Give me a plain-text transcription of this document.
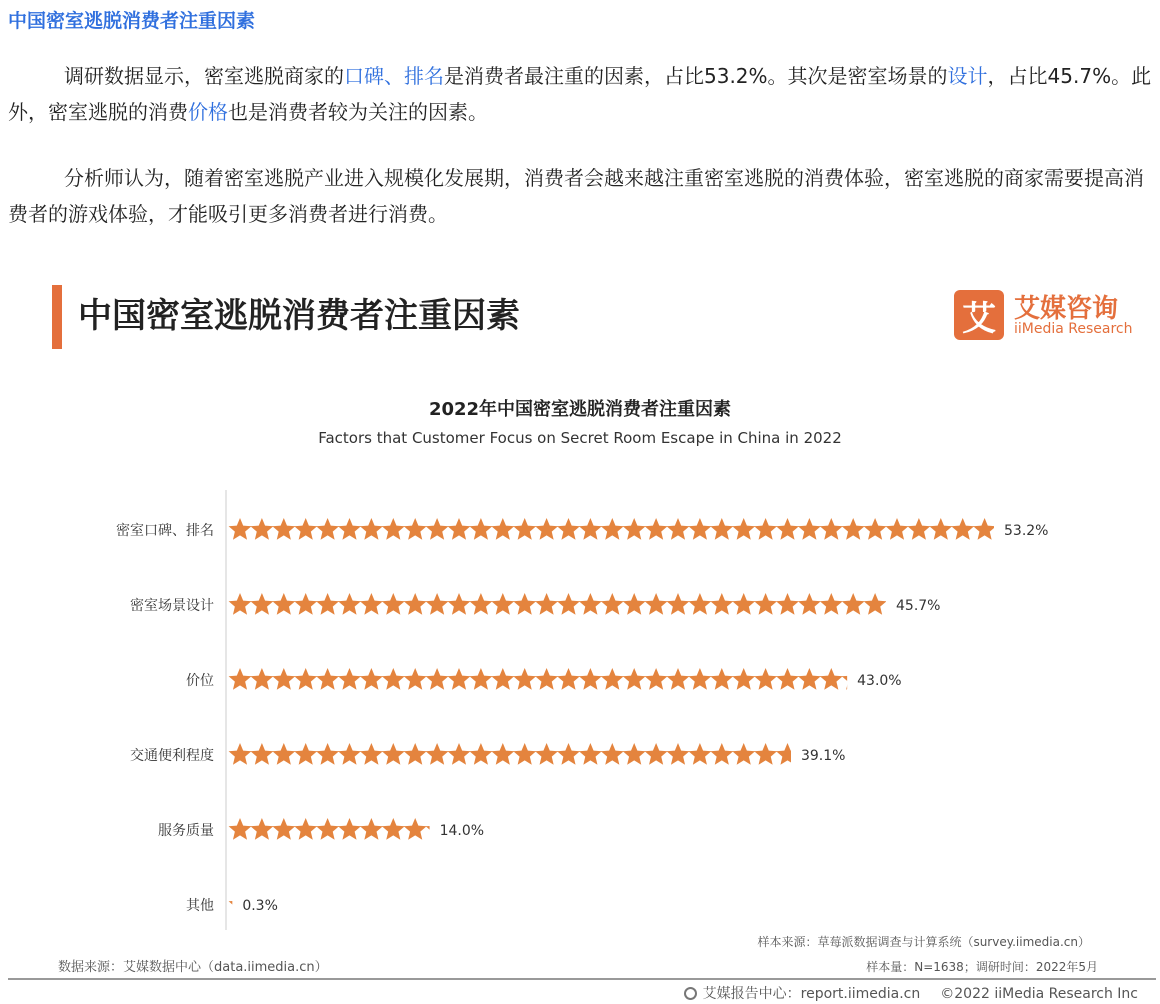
中国密室逃脱消费者注重因素

调研数据显示，密室逃脱商家的口碑、排名是消费者最注重的因素，占比53.2%。其次是密室场景的设计，占比45.7%。此外，密室逃脱的消费价格也是消费者较为关注的因素。

分析师认为，随着密室逃脱产业进入规模化发展期，消费者会越来越注重密室逃脱的消费体验，密室逃脱的商家需要提高消费者的游戏体验，才能吸引更多消费者进行消费。

中国密室逃脱消费者注重因素	艾 艾媒咨询
iiMedia Research
2022年中国密室逃脱消费者注重因素
Factors that Customer Focus on Secret Room Escape in China in 2022
密室口碑、排名	53.2%
密室场景设计	45.7%
价位	43.0%
交通便利程度	39.1%
服务质量	14.0%
其他 0.3%
数据来源：艾媒数据中心（data.iimedia.cn）
样本来源：草莓派数据调查与计算系统（survey.iimedia.cn）
样本量：N=1638；调研时间：2022年5月
艾媒报告中心：report.iimedia.cn ©2022 iiMedia Research Inc
